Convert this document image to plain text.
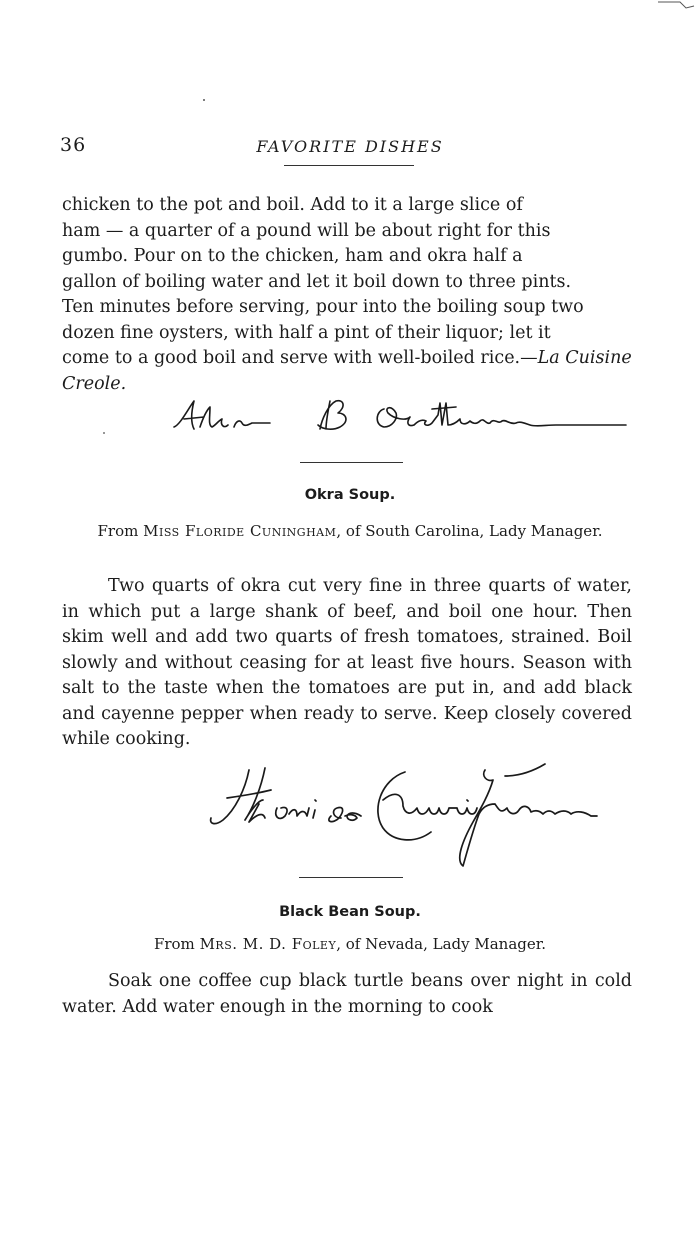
36	FAVORITE DISHES
chicken to the pot and boil. Add to it a large slice of
ham — a quarter of a pound will be about right for this
gumbo. Pour on to the chicken, ham and okra half a
gallon of boiling water and let it boil down to three pints.
Ten minutes before serving, pour into the boiling soup two
dozen fine oysters, with half a pint of their liquor; let it
come to a good boil and serve with well-boiled rice.—La Cuisine Creole.
Okra Soup.

From Miss Floride Cuningham, of South Carolina, Lady Manager.

Two quarts of okra cut very fine in three quarts of water, in which put a large shank of beef, and boil one hour. Then skim well and add two quarts of fresh tomatoes, strained. Boil slowly and without ceasing for at least five hours. Season with salt to the taste when the tomatoes are put in, and add black and cayenne pepper when ready to serve. Keep closely covered while cooking.

Black Bean Soup.

From Mrs. M. D. Foley, of Nevada, Lady Manager.

Soak one coffee cup black turtle beans over night in cold water. Add water enough in the morning to cook
